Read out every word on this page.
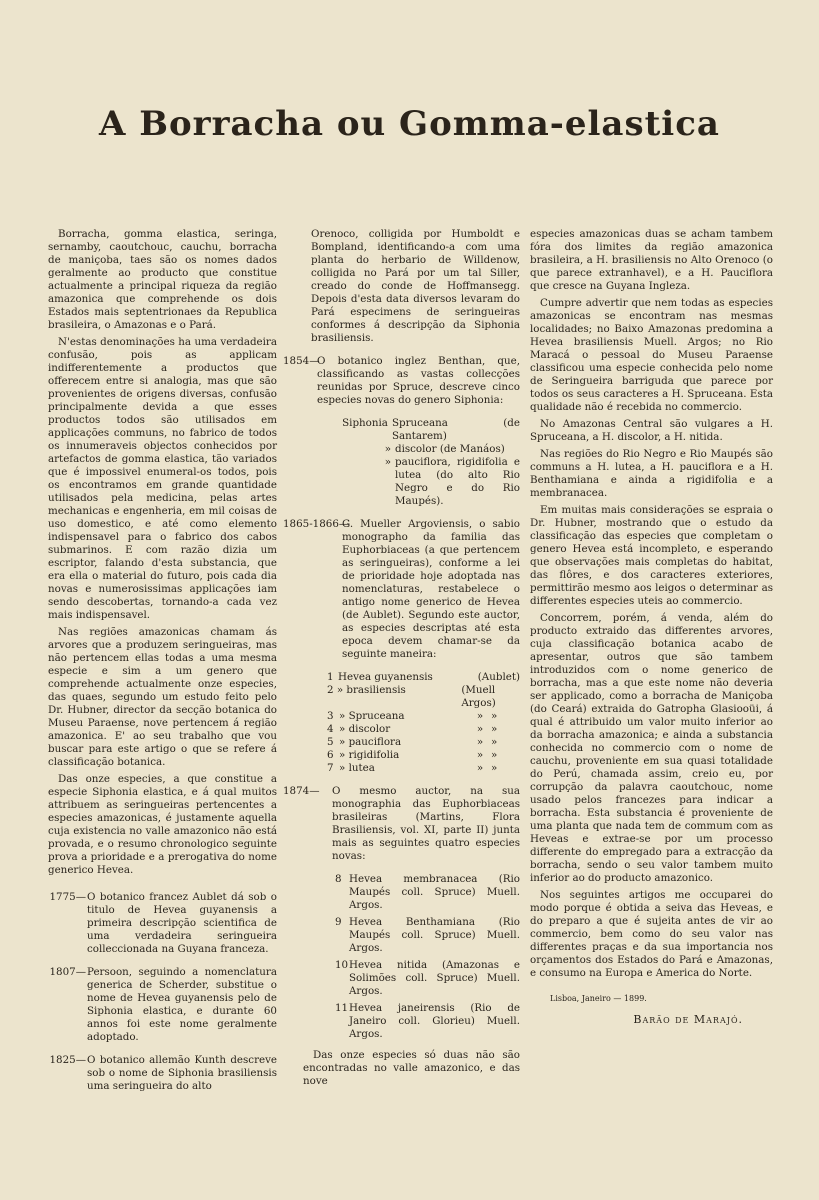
A Borracha ou Gomma-elastica

Borracha, gomma elastica, seringa, sernamby, caoutchouc, cauchu, borracha de maniçoba, taes são os nomes dados geralmente ao producto que constitue actualmente a principal riqueza da região amazonica que comprehende os dois Estados mais septentrionaes da Republica brasileira, o Amazonas e o Pará.

N'estas denominações ha uma verdadeira confusão, pois as applicam indifferentemente a productos que offerecem entre si analogia, mas que são provenientes de origens diversas, confusão principalmente devida a que esses productos todos são utilisados em applicações communs, no fabrico de todos os innumeraveis objectos conhecidos por artefactos de gomma elastica, tão variados que é impossivel enumeral-os todos, pois os encontramos em grande quantidade utilisados pela medicina, pelas artes mechanicas e engenheria, em mil coisas de uso domestico, e até como elemento indispensavel para o fabrico dos cabos submarinos. E com razão dizia um escriptor, falando d'esta substancia, que era ella o material do futuro, pois cada dia novas e numerosissimas applicações iam sendo descobertas, tornando-a cada vez mais indispensavel.

Nas regiões amazonicas chamam ás arvores que a produzem seringueiras, mas não pertencem ellas todas a uma mesma especie e sim a um genero que comprehende actualmente onze especies, das quaes, segundo um estudo feito pelo Dr. Hubner, director da secção botanica do Museu Paraense, nove pertencem á região amazonica. E' ao seu trabalho que vou buscar para este artigo o que se refere á classificação botanica.

Das onze especies, a que constitue a especie Siphonia elastica, e á qual muitos attribuem as seringueiras pertencentes a especies amazonicas, é justamente aquella cuja existencia no valle amazonico não está provada, e o resumo chronologico seguinte prova a prioridade e a prerogativa do nome generico Hevea.

1775— O botanico francez Aublet dá sob o titulo de Hevea guyanensis a primeira descripção scientifica de uma verdadeira seringueira colleccionada na Guyana franceza.
1807— Persoon, seguindo a nomenclatura generica de Scherder, substitue o nome de Hevea guyanensis pelo de Siphonia elastica, e durante 60 annos foi este nome geralmente adoptado.
1825— O botanico allemão Kunth descreve sob o nome de Siphonia brasiliensis uma seringueira do alto

Orenoco, colligida por Humboldt e Bompland, identificando-a com uma planta do herbario de Willdenow, colligida no Pará por um tal Siller, creado do conde de Hoffmansegg. Depois d'esta data diversos levaram do Pará especimens de seringueiras conformes á descripção da Siphonia brasiliensis.

1854—
O botanico inglez Benthan, que, classificando as vastas collecções reunidas por Spruce, descreve cinco especies novas do genero Siphonia:
Siphonia Spruceana (de Santarem)
» discolor (de Manáos)
» pauciflora, rigidifolia e lutea (do alto Rio Negro e do Rio Maupés).
1865-1866—
G. Mueller Argoviensis, o sabio monographo da familia das Euphorbiaceas (a que pertencem as seringueiras), conforme a lei de prioridade hoje adoptada nas nomenclaturas, restabelece o antigo nome generico de Hevea (de Aublet). Segundo este auctor, as especies descriptas até esta epoca devem chamar-se da seguinte maneira:
1 Hevea guyanensis	(Aublet)
2 » brasiliensis	(Muell Argos)
3 » Spruceana	» »
4 » discolor	» »
5 » pauciflora	» »
6 » rigidifolia	» »
7 » lutea	» »
1874—	O mesmo auctor, na sua monographia das Euphorbiaceas brasileiras (Martins, Flora Brasiliensis, vol. XI, parte II) junta mais as seguintes quatro especies novas:
8 Hevea membranacea (Rio Maupés coll. Spruce) Muell. Argos.
9 Hevea Benthamiana (Rio Maupés coll. Spruce) Muell. Argos.
10 Hevea nitida (Amazonas e Solimões coll. Spruce) Muell. Argos.
11 Hevea janeirensis (Rio de Janeiro coll. Glorieu) Muell. Argos.

Das onze especies só duas não são encontradas no valle amazonico, e das nove

especies amazonicas duas se acham tambem fóra dos limites da região amazonica brasileira, a H. brasiliensis no Alto Orenoco (o que parece extranhavel), e a H. Pauciflora que cresce na Guyana Ingleza.

Cumpre advertir que nem todas as especies amazonicas se encontram nas mesmas localidades; no Baixo Amazonas predomina a Hevea brasiliensis Muell. Argos; no Rio Maracá o pessoal do Museu Paraense classificou uma especie conhecida pelo nome de Seringueira barriguda que parece por todos os seus caracteres a H. Spruceana. Esta qualidade não é recebida no commercio.

No Amazonas Central são vulgares a H. Spruceana, a H. discolor, a H. nitida.

Nas regiões do Rio Negro e Rio Maupés são communs a H. lutea, a H. pauciflora e a H. Benthamiana e ainda a rigidifolia e a membranacea.

Em muitas mais considerações se espraia o Dr. Hubner, mostrando que o estudo da classificação das especies que completam o genero Hevea está incompleto, e esperando que observações mais completas do habitat, das flôres, e dos caracteres exteriores, permittirão mesmo aos leigos o determinar as differentes especies uteis ao commercio.

Concorrem, porém, á venda, além do producto extraido das differentes arvores, cuja classificação botanica acabo de apresentar, outros que são tambem introduzidos com o nome generico de borracha, mas a que este nome não deveria ser applicado, como a borracha de Maniçoba (do Ceará) extraida do Gatropha Glasiooüi, á qual é attribuido um valor muito inferior ao da borracha amazonica; e ainda a substancia conhecida no commercio com o nome de cauchu, proveniente em sua quasi totalidade do Perú, chamada assim, creio eu, por corrupção da palavra caoutchouc, nome usado pelos francezes para indicar a borracha. Esta substancia é proveniente de uma planta que nada tem de commum com as Heveas e extrae-se por um processo differente do empregado para a extracção da borracha, sendo o seu valor tambem muito inferior ao do producto amazonico.

Nos seguintes artigos me occuparei do modo porque é obtida a seiva das Heveas, e do preparo a que é sujeita antes de vir ao commercio, bem como do seu valor nas differentes praças e da sua importancia nos orçamentos dos Estados do Pará e Amazonas, e consumo na Europa e America do Norte.

Lisboa, Janeiro — 1899.
Barão de Marajó.
